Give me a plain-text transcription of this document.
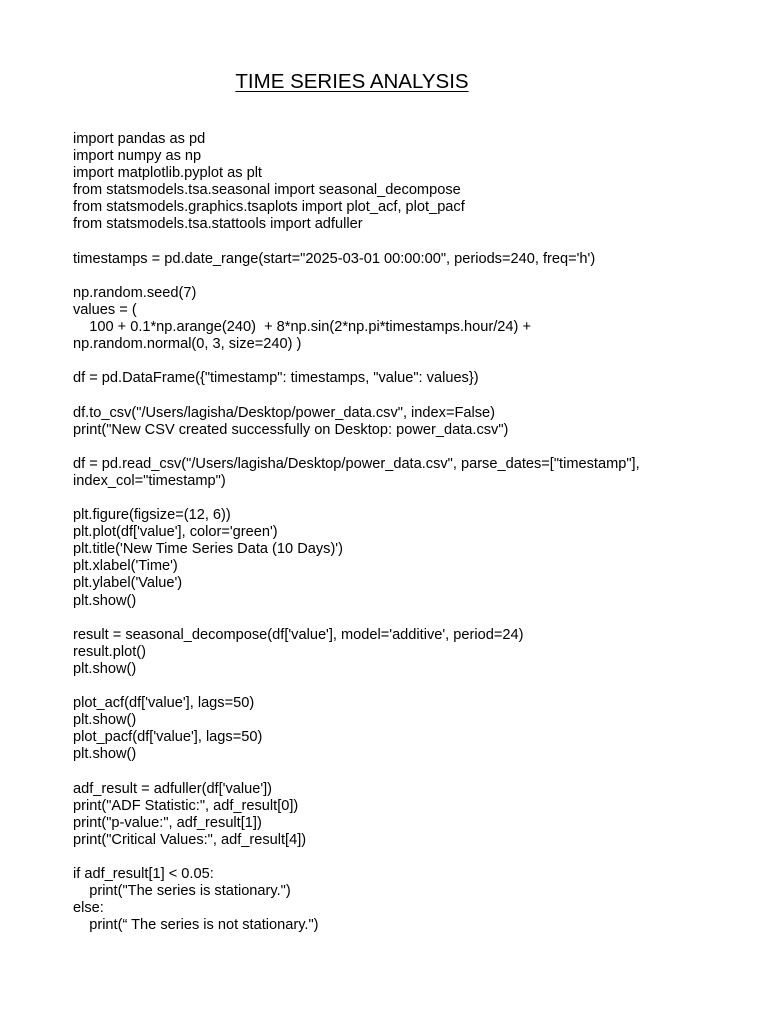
TIME SERIES ANALYSIS
import pandas as pd
import numpy as np
import matplotlib.pyplot as plt
from statsmodels.tsa.seasonal import seasonal_decompose
from statsmodels.graphics.tsaplots import plot_acf, plot_pacf
from statsmodels.tsa.stattools import adfuller
timestamps = pd.date_range(start="2025-03-01 00:00:00", periods=240, freq='h')
np.random.seed(7)
values = (
100 + 0.1*np.arange(240)  + 8*np.sin(2*np.pi*timestamps.hour/24) +
np.random.normal(0, 3, size=240) )
df = pd.DataFrame({"timestamp": timestamps, "value": values})
df.to_csv("/Users/lagisha/Desktop/power_data.csv", index=False)
print("New CSV created successfully on Desktop: power_data.csv")
df = pd.read_csv("/Users/lagisha/Desktop/power_data.csv", parse_dates=["timestamp"],
index_col="timestamp")
plt.figure(figsize=(12, 6))
plt.plot(df['value'], color='green')
plt.title('New Time Series Data (10 Days)')
plt.xlabel('Time')
plt.ylabel('Value')
plt.show()
result = seasonal_decompose(df['value'], model='additive', period=24)
result.plot()
plt.show()
plot_acf(df['value'], lags=50)
plt.show()
plot_pacf(df['value'], lags=50)
plt.show()
adf_result = adfuller(df['value'])
print("ADF Statistic:", adf_result[0])
print("p-value:", adf_result[1])
print("Critical Values:", adf_result[4])
if adf_result[1] < 0.05:
print("The series is stationary.")
else:
print(“ The series is not stationary.")
